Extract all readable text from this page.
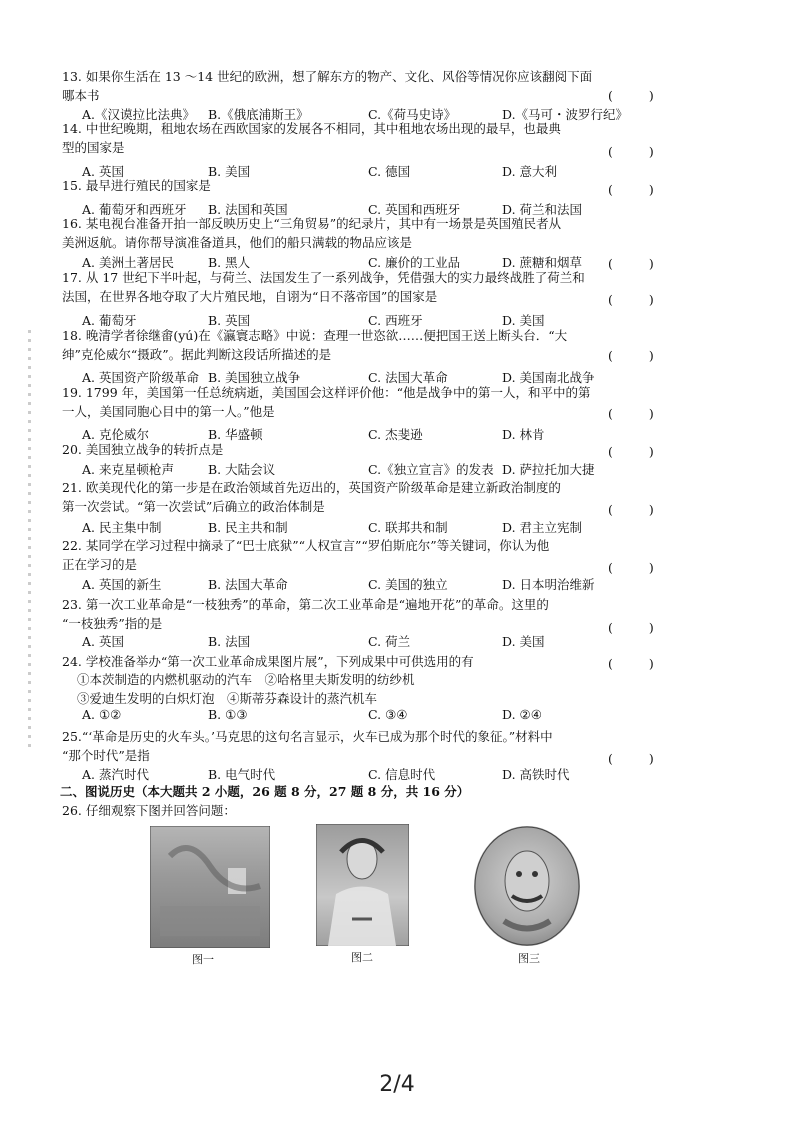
13. 如果你生活在 13 ～14 世纪的欧洲，想了解东方的物产、文化、风俗等情况你应该翻阅下面
哪本书	( )
A.《汉谟拉比法典》 B.《俄底浦斯王》	C.《荷马史诗》	D.《马可・波罗行纪》
14. 中世纪晚期，租地农场在西欧国家的发展各不相同，其中租地农场出现的最早，也最典
型的国家是	( )
A. 英国	B. 美国	C. 德国	D. 意大利
15. 最早进行殖民的国家是	( )
A. 葡萄牙和西班牙 B. 法国和英国	C. 英国和西班牙	D. 荷兰和法国
16. 某电视台准备开拍一部反映历史上“三角贸易”的纪录片，其中有一场景是英国殖民者从
美洲返航。请你帮导演准备道具，他们的船只满载的物品应该是
( )
A. 美洲土著居民	B. 黑人	C. 廉价的工业品	D. 蔗糖和烟草
17. 从 17 世纪下半叶起，与荷兰、法国发生了一系列战争，凭借强大的实力最终战胜了荷兰和
法国，在世界各地夺取了大片殖民地，自诩为“日不落帝国”的国家是	( )
A. 葡萄牙	B. 英国	C. 西班牙	D. 美国
18. 晚清学者徐继畬(yú)在《瀛寰志略》中说：查理一世恣欲……便把国王送上断头台．“大
绅”克伦威尔“摄政”。据此判断这段话所描述的是	( )
A. 英国资产阶级革命 B. 美国独立战争	C. 法国大革命	D. 美国南北战争
19. 1799 年，美国第一任总统病逝，美国国会这样评价他：“他是战争中的第一人，和平中的第
一人，美国同胞心目中的第一人。”他是	( )
A. 克伦威尔	B. 华盛顿	C. 杰斐逊	D. 林肯
20. 美国独立战争的转折点是	( )
A. 来克星顿枪声	B. 大陆会议	C.《独立宣言》的发表 D. 萨拉托加大捷
21. 欧美现代化的第一步是在政治领域首先迈出的，英国资产阶级革命是建立新政治制度的
第一次尝试。“第一次尝试”后确立的政治体制是	( )
A. 民主集中制	B. 民主共和制	C. 联邦共和制	D. 君主立宪制
22. 某同学在学习过程中摘录了“巴士底狱”“人权宣言”“罗伯斯庇尔”等关键词，你认为他
正在学习的是	( )
A. 英国的新生	B. 法国大革命	C. 美国的独立	D. 日本明治维新
23. 第一次工业革命是“一枝独秀”的革命，第二次工业革命是“遍地开花”的革命。这里的
“一枝独秀”指的是	( )
A. 英国	B. 法国	C. 荷兰	D. 美国
24. 学校准备举办“第一次工业革命成果图片展”，下列成果中可供选用的有	( )
①本茨制造的内燃机驱动的汽车　②哈格里夫斯发明的纺纱机
③爱迪生发明的白炽灯泡　④斯蒂芬森设计的蒸汽机车
A. ①②	B. ①③	C. ③④	D. ②④
25.“‘革命是历史的火车头。’马克思的这句名言显示，火车已成为那个时代的象征。”材料中
“那个时代”是指	( )
A. 蒸汽时代	B. 电气时代	C. 信息时代	D. 高铁时代
二、图说历史（本大题共 2 小题，26 题 8 分，27 题 8 分，共 16 分）
26. 仔细观察下图并回答问题：
图一	图二	图三
2/4
